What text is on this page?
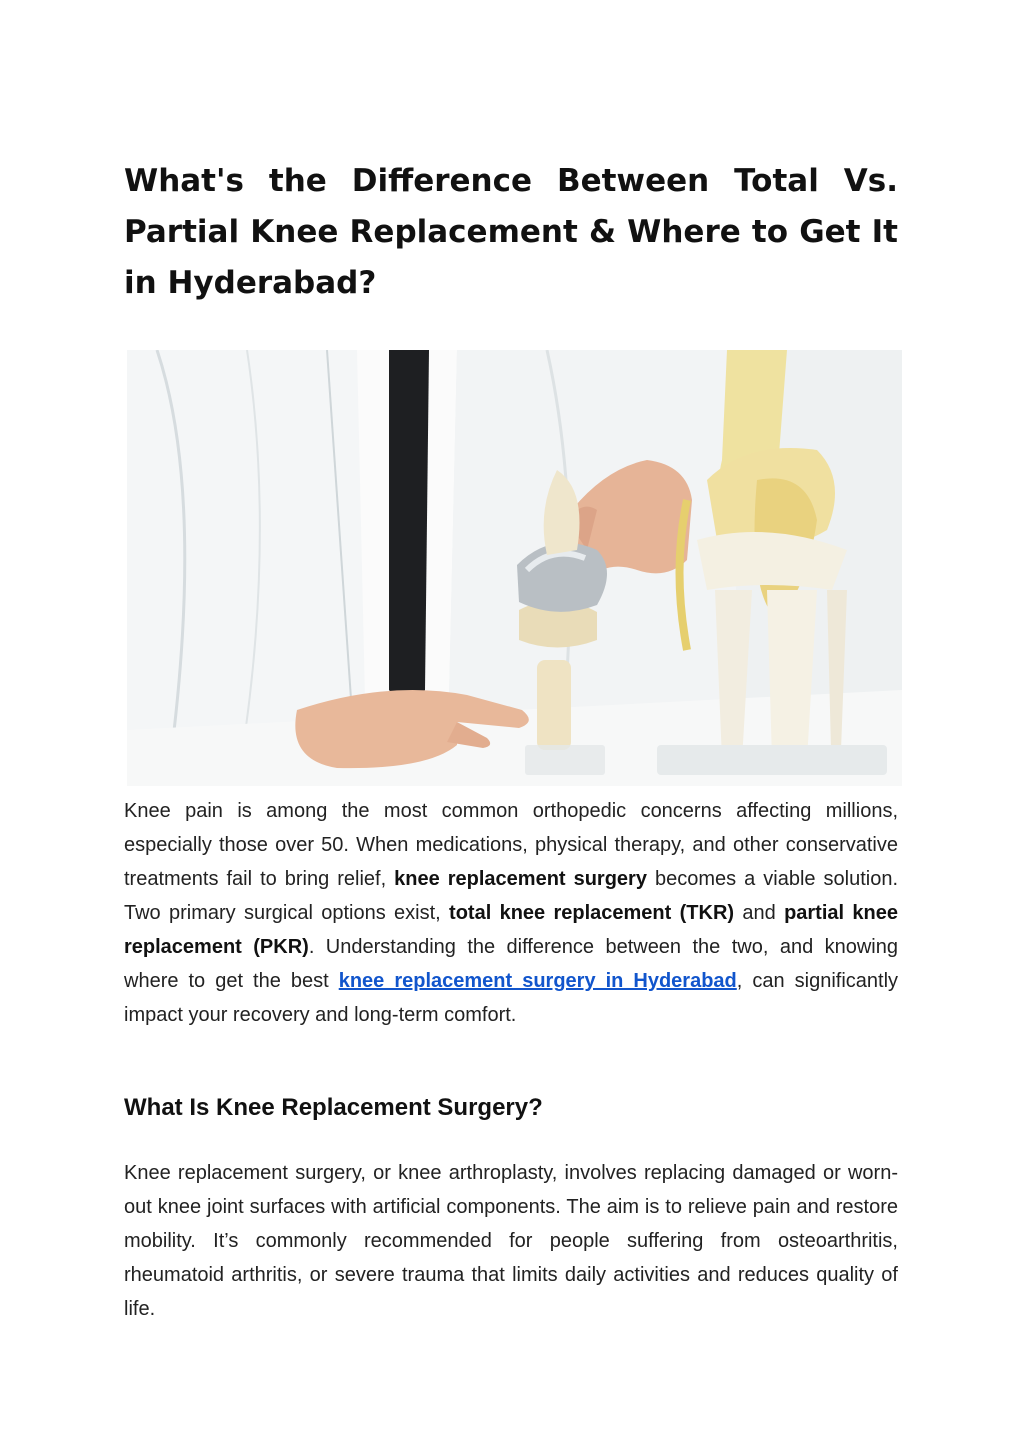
What's the Difference Between Total Vs. Partial Knee Replacement & Where to Get It in Hyderabad?

Knee pain is among the most common orthopedic concerns affecting millions, especially those over 50. When medications, physical therapy, and other conservative treatments fail to bring relief, knee replacement surgery becomes a viable solution. Two primary surgical options exist, total knee replacement (TKR) and partial knee replacement (PKR). Understanding the difference between the two, and knowing where to get the best knee replacement surgery in Hyderabad, can significantly impact your recovery and long-term comfort.

What Is Knee Replacement Surgery?

Knee replacement surgery, or knee arthroplasty, involves replacing damaged or worn-out knee joint surfaces with artificial components. The aim is to relieve pain and restore mobility. It’s commonly recommended for people suffering from osteoarthritis, rheumatoid arthritis, or severe trauma that limits daily activities and reduces quality of life.
